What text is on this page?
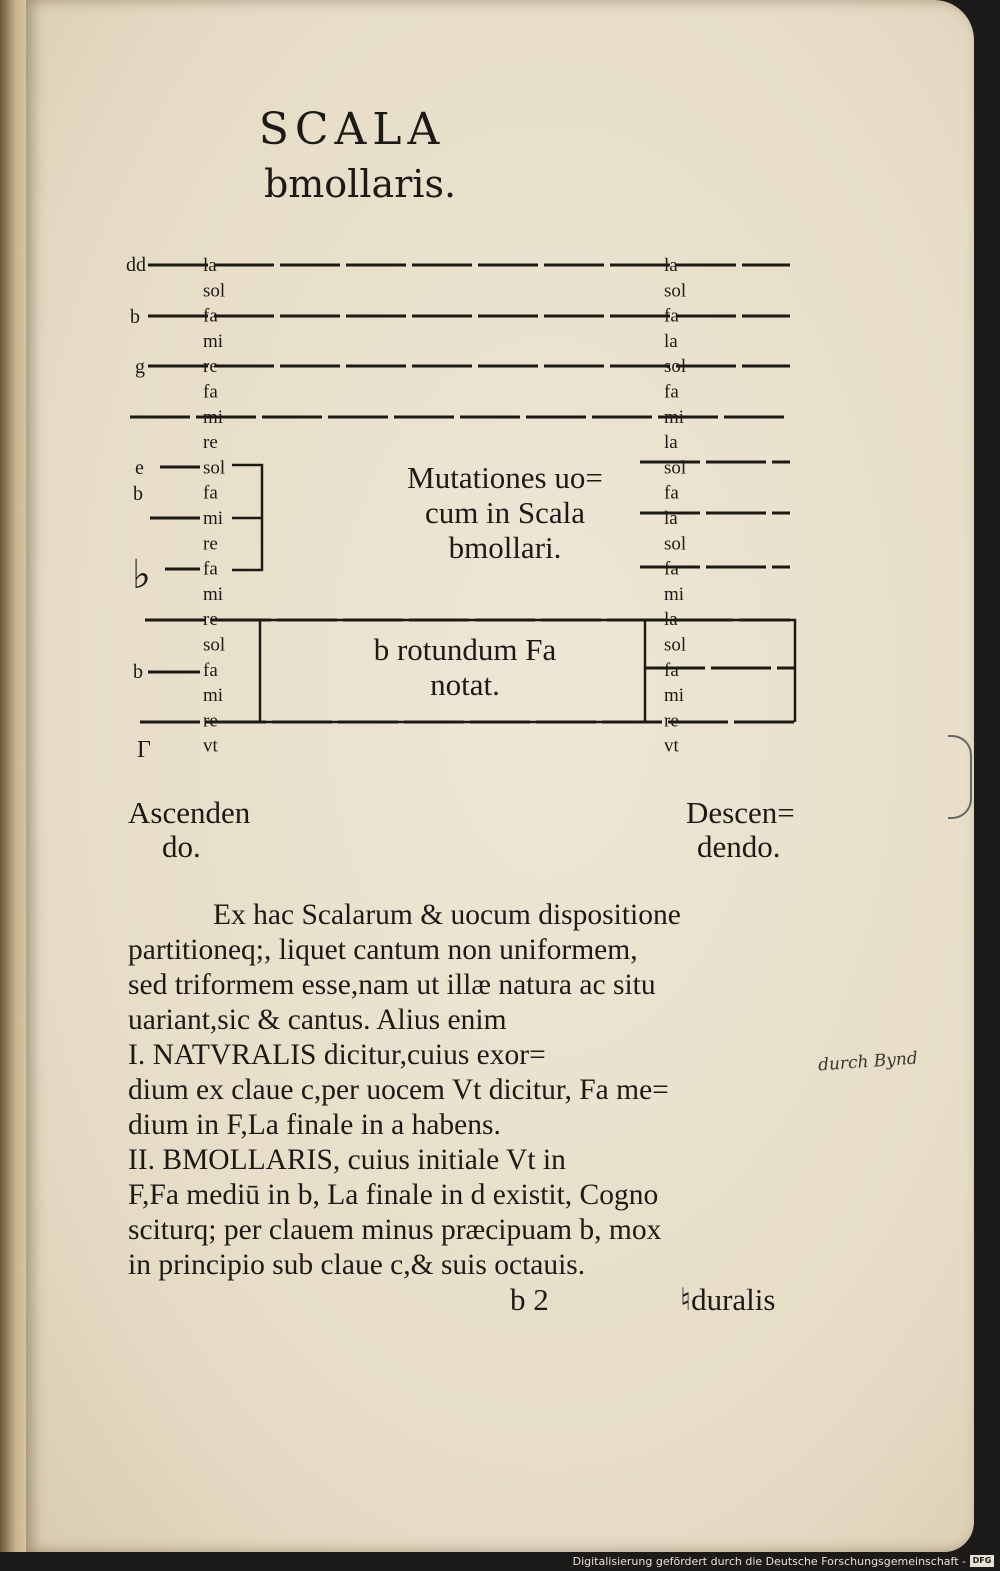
SCALA
bmollaris.
dd
b
g
e
b
♭
b
Γ
la
sol
fa
mi
re
fa
mi
re
sol
fa
mi
re
fa
mi
re
sol
fa
mi
re
vt
la
sol
fa
la
sol
fa
mi
la
sol
fa
la
sol
fa
mi
la
sol
fa
mi
re
vt
Mutationes uo=
cum in Scala
bmollari.
b rotundum Fa
notat.
Ascenden
do.
Descen=
dendo.

Ex hac Scalarum & uocum dispositione

partitioneq;, liquet cantum non uniformem,

sed triformem esse,nam ut illæ natura ac situ

uariant,sic & cantus. Alius enim

I. NATVRALIS dicitur,cuius exor=

dium ex claue c,per uocem Vt dicitur, Fa me=

dium in F,La finale in a habens.

II. BMOLLARIS, cuius initiale Vt in

F,Fa mediū in b, La finale in d existit, Cogno

sciturq; per clauem minus præcipuam b, mox

in principio sub claue c,& suis octauis.

durch Bynd
b 2	♮duralis
Digitalisierung gefördert durch die Deutsche Forschungsgemeinschaft - DFG
